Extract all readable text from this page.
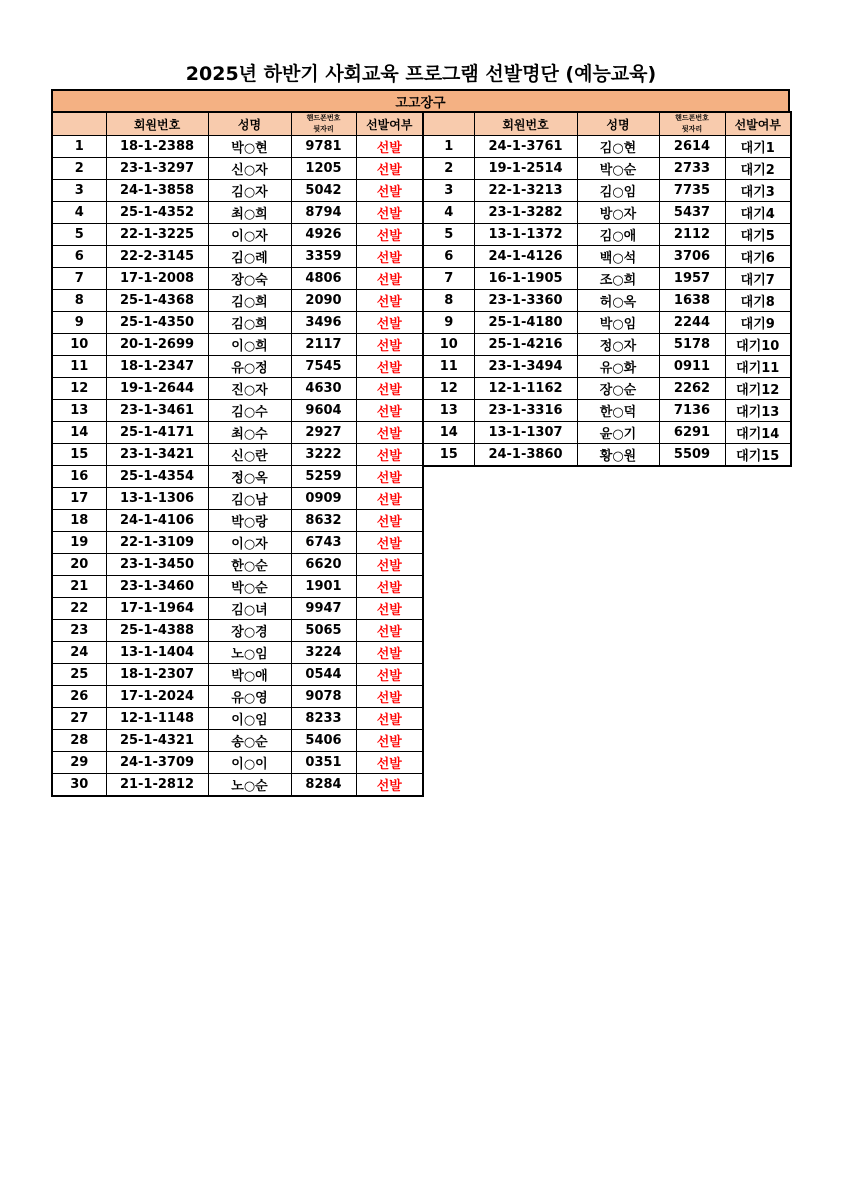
2025년 하반기 사회교육 프로그램 선발명단 (예능교육)
고고장구
	회원번호	성명	핸드폰번호
뒷자리	선발여부
1	18-1-2388	박○현	9781	선발
2	23-1-3297	신○자	1205	선발
3	24-1-3858	김○자	5042	선발
4	25-1-4352	최○희	8794	선발
5	22-1-3225	이○자	4926	선발
6	22-2-3145	김○례	3359	선발
7	17-1-2008	장○숙	4806	선발
8	25-1-4368	김○희	2090	선발
9	25-1-4350	김○희	3496	선발
10	20-1-2699	이○희	2117	선발
11	18-1-2347	유○정	7545	선발
12	19-1-2644	진○자	4630	선발
13	23-1-3461	김○수	9604	선발
14	25-1-4171	최○수	2927	선발
15	23-1-3421	신○란	3222	선발
16	25-1-4354	정○옥	5259	선발
17	13-1-1306	김○남	0909	선발
18	24-1-4106	박○랑	8632	선발
19	22-1-3109	이○자	6743	선발
20	23-1-3450	한○순	6620	선발
21	23-1-3460	박○순	1901	선발
22	17-1-1964	김○녀	9947	선발
23	25-1-4388	장○경	5065	선발
24	13-1-1404	노○임	3224	선발
25	18-1-2307	박○애	0544	선발
26	17-1-2024	유○영	9078	선발
27	12-1-1148	이○임	8233	선발
28	25-1-4321	송○순	5406	선발
29	24-1-3709	이○이	0351	선발
30	21-1-2812	노○순	8284	선발
	회원번호	성명	핸드폰번호
뒷자리	선발여부
1	24-1-3761	김○현	2614	대기1
2	19-1-2514	박○순	2733	대기2
3	22-1-3213	김○임	7735	대기3
4	23-1-3282	방○자	5437	대기4
5	13-1-1372	김○애	2112	대기5
6	24-1-4126	백○석	3706	대기6
7	16-1-1905	조○희	1957	대기7
8	23-1-3360	허○옥	1638	대기8
9	25-1-4180	박○임	2244	대기9
10	25-1-4216	정○자	5178	대기10
11	23-1-3494	유○화	0911	대기11
12	12-1-1162	장○순	2262	대기12
13	23-1-3316	한○덕	7136	대기13
14	13-1-1307	윤○기	6291	대기14
15	24-1-3860	황○원	5509	대기15
